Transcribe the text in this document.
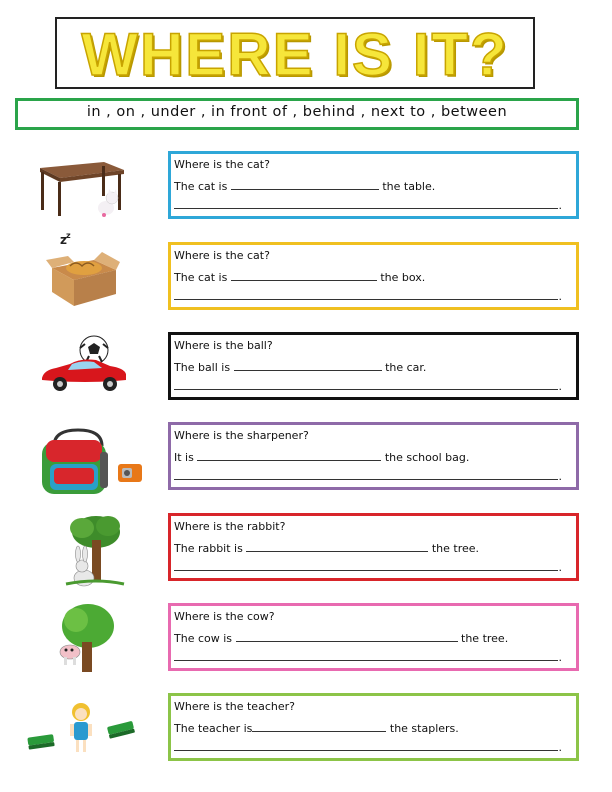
WHERE IS IT?
in , on , under , in front of , behind , next to , between
z z
Where is the cat?
The cat is	the table.
.
Where is the cat?
The cat is	the box.
.
Where is the ball?
The ball is	the car.
.
Where is the sharpener?
It is	the school bag.
.
Where is the rabbit?
The rabbit is	the tree.
.
Where is the cow?
The cow is	the tree.
.
Where is the teacher?
The teacher is	the staplers.
.
